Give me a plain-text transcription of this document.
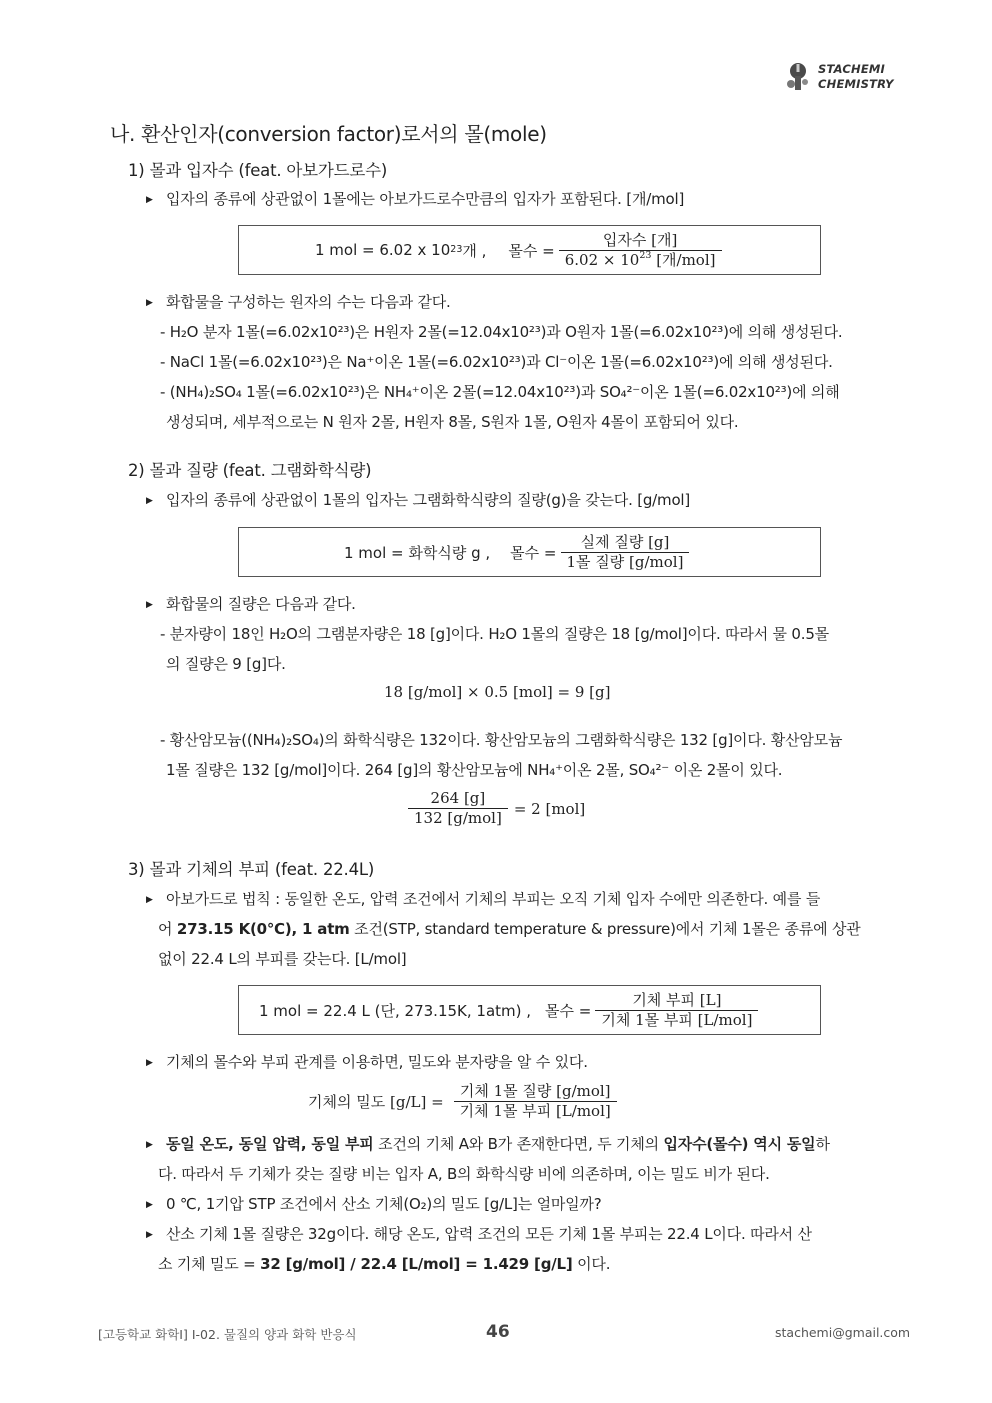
STACHEMI
CHEMISTRY
나. 환산인자(conversion factor)로서의 몰(mole)
1) 몰과 입자수 (feat. 아보가드로수)
▶ 입자의 종류에 상관없이 1몰에는 아보가드로수만큼의 입자가 포함된다. [개/mol]
1 mol = 6.02 x 10 23 개 , 몰수 = $\frac{\text{입자수 [개]}}{6.02 \times 10^{23} [개/mol]}$
▶ 화합물을 구성하는 원자의 수는 다음과 같다.
- H₂O 분자 1몰(=6.02x10²³)은 H원자 2몰(=12.04x10²³)과 O원자 1몰(=6.02x10²³)에 의해 생성된다.
- NaCl 1몰(=6.02x10²³)은 Na⁺이온 1몰(=6.02x10²³)과 Cl⁻이온 1몰(=6.02x10²³)에 의해 생성된다.
- (NH₄)₂SO₄ 1몰(=6.02x10²³)은 NH₄⁺이온 2몰(=12.04x10²³)과 SO₄²⁻이온 1몰(=6.02x10²³)에 의해
생성되며, 세부적으로는 N 원자 2몰, H원자 8몰, S원자 1몰, O원자 4몰이 포함되어 있다.
2) 몰과 질량 (feat. 그램화학식량)
▶ 입자의 종류에 상관없이 1몰의 입자는 그램화학식량의 질량(g)을 갖는다. [g/mol]
1 mol = 화학식량 g , 몰수 = $\frac{\text{실제 질량 [g]}}{\text{1몰 질량 [g/mol]}}$
▶ 화합물의 질량은 다음과 같다.
- 분자량이 18인 H₂O의 그램분자량은 18 [g]이다. H₂O 1몰의 질량은 18 [g/mol]이다. 따라서 물 0.5몰
의 질량은 9 [g]다.
18 [g/mol] × 0.5 [mol] = 9 [g]
- 황산암모늄((NH₄)₂SO₄)의 화학식량은 132이다. 황산암모늄의 그램화학식량은 132 [g]이다. 황산암모늄
1몰 질량은 132 [g/mol]이다. 264 [g]의 황산암모늄에 NH₄⁺이온 2몰, SO₄²⁻ 이온 2몰이 있다.
$\frac{264 [g]}{\text{132 [g/mol]}} = 2$ [mol]
3) 몰과 기체의 부피 (feat. 22.4L)
▶ 아보가드로 법칙 : 동일한 온도, 압력 조건에서 기체의 부피는 오직 기체 입자 수에만 의존한다. 예를 들
어 273.15 K(0℃), 1 atm 조건(STP, standard temperature & pressure)에서 기체 1몰은 종류에 상관
없이 22.4 L의 부피를 갖는다. [L/mol]
1 mol = 22.4 L (단, 273.15K, 1atm) , 몰수 = $\frac{\text{기체 부피 [L]}}{\text{기체 1몰 부피 [L/mol]}}$
▶ 기체의 몰수와 부피 관계를 이용하면, 밀도와 분자량을 알 수 있다.
기체의 밀도 $[g/L] = \frac{\text{기체 1몰 질량 [g/mol]}}{\text{기체 1몰 부피 [L/mol]}}$
▶ 동일 온도, 동일 압력, 동일 부피 조건의 기체 A와 B가 존재한다면, 두 기체의 입자수(몰수) 역시 동일하
다. 따라서 두 기체가 갖는 질량 비는 입자 A, B의 화학식량 비에 의존하며, 이는 밀도 비가 된다.
▶ 0 ℃, 1기압 STP 조건에서 산소 기체(O₂)의 밀도 [g/L]는 얼마일까?
▶ 산소 기체 1몰 질량은 32g이다. 해당 온도, 압력 조건의 모든 기체 1몰 부피는 22.4 L이다. 따라서 산
소 기체 밀도 = 32 [g/mol] / 22.4 [L/mol] = 1.429 [g/L] 이다.
[고등학교 화학Ⅰ] Ⅰ-02. 물질의 양과 화학 반응식	46	stachemi@gmail.com
